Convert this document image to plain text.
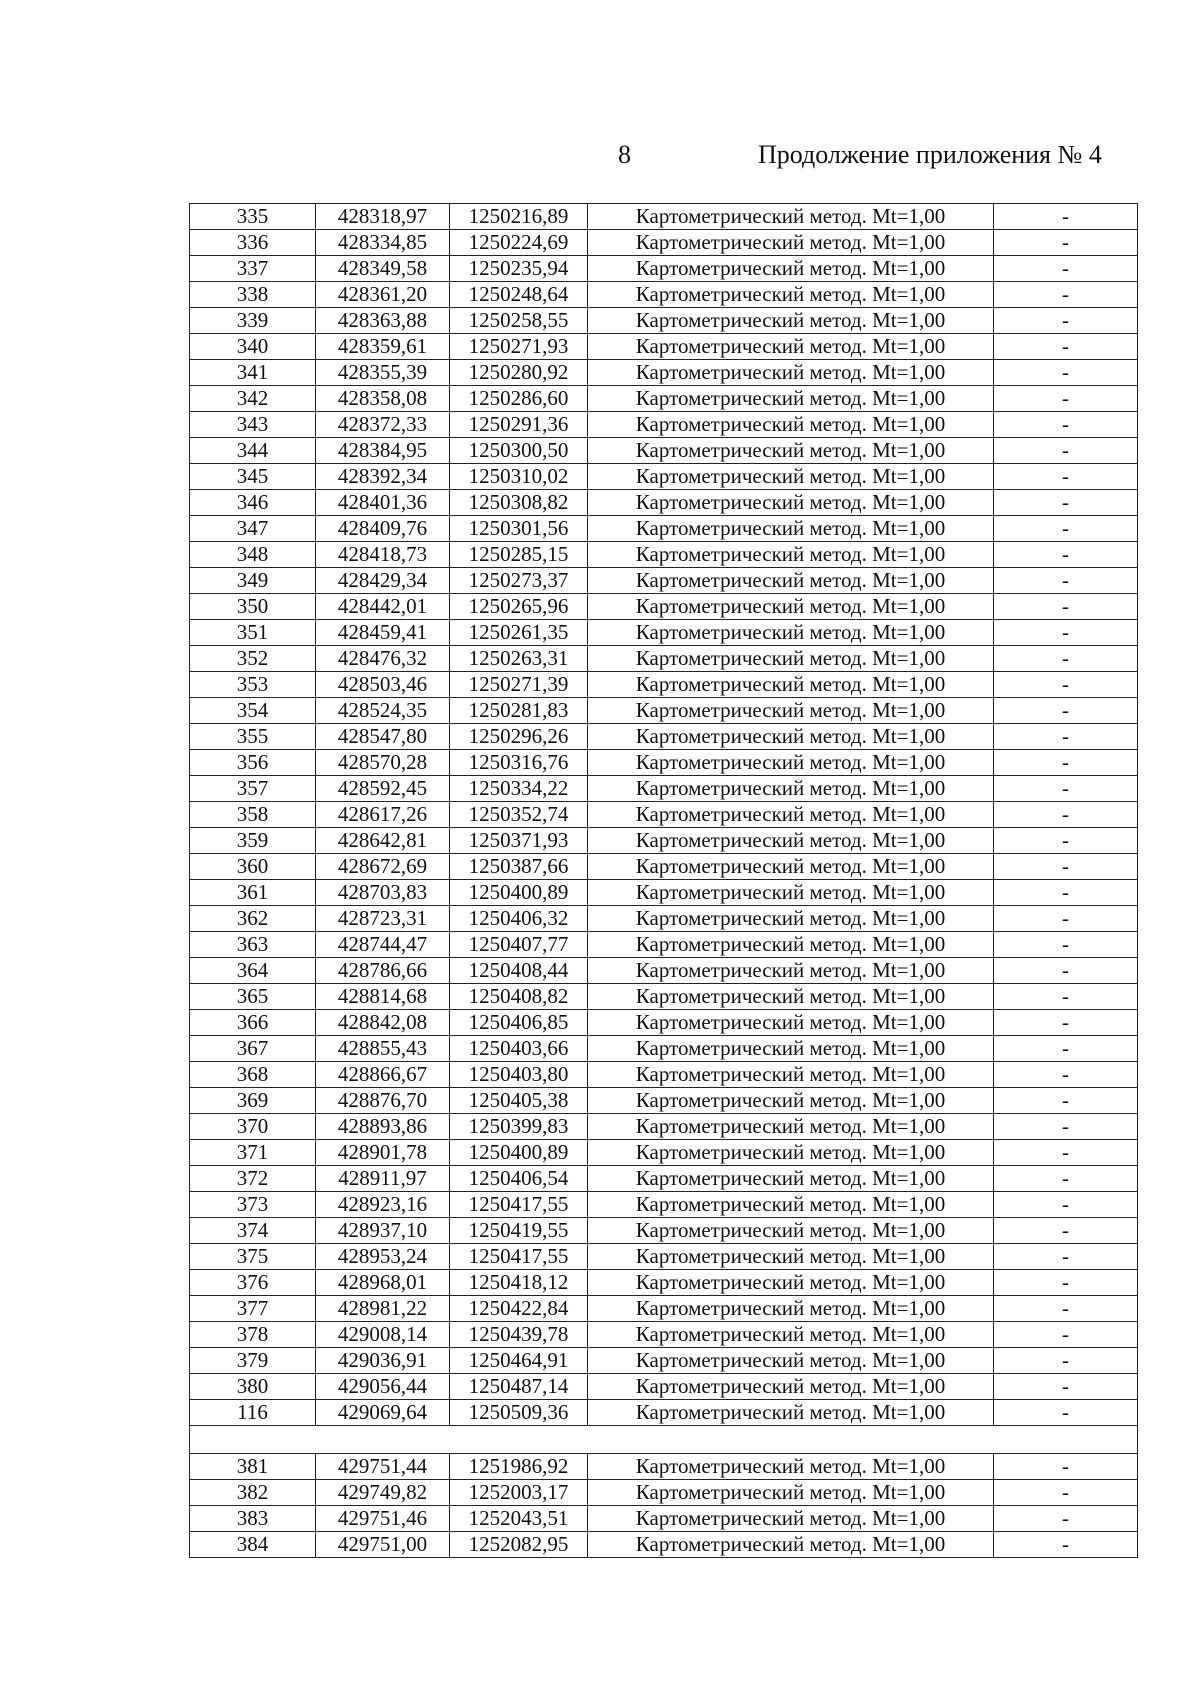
8	Продолжение приложения № 4
335	428318,97	1250216,89	Картометрический метод. Mt=1,00	-
336	428334,85	1250224,69	Картометрический метод. Mt=1,00	-
337	428349,58	1250235,94	Картометрический метод. Mt=1,00	-
338	428361,20	1250248,64	Картометрический метод. Mt=1,00	-
339	428363,88	1250258,55	Картометрический метод. Mt=1,00	-
340	428359,61	1250271,93	Картометрический метод. Mt=1,00	-
341	428355,39	1250280,92	Картометрический метод. Mt=1,00	-
342	428358,08	1250286,60	Картометрический метод. Mt=1,00	-
343	428372,33	1250291,36	Картометрический метод. Mt=1,00	-
344	428384,95	1250300,50	Картометрический метод. Mt=1,00	-
345	428392,34	1250310,02	Картометрический метод. Mt=1,00	-
346	428401,36	1250308,82	Картометрический метод. Mt=1,00	-
347	428409,76	1250301,56	Картометрический метод. Mt=1,00	-
348	428418,73	1250285,15	Картометрический метод. Mt=1,00	-
349	428429,34	1250273,37	Картометрический метод. Mt=1,00	-
350	428442,01	1250265,96	Картометрический метод. Mt=1,00	-
351	428459,41	1250261,35	Картометрический метод. Mt=1,00	-
352	428476,32	1250263,31	Картометрический метод. Mt=1,00	-
353	428503,46	1250271,39	Картометрический метод. Mt=1,00	-
354	428524,35	1250281,83	Картометрический метод. Mt=1,00	-
355	428547,80	1250296,26	Картометрический метод. Mt=1,00	-
356	428570,28	1250316,76	Картометрический метод. Mt=1,00	-
357	428592,45	1250334,22	Картометрический метод. Mt=1,00	-
358	428617,26	1250352,74	Картометрический метод. Mt=1,00	-
359	428642,81	1250371,93	Картометрический метод. Mt=1,00	-
360	428672,69	1250387,66	Картометрический метод. Mt=1,00	-
361	428703,83	1250400,89	Картометрический метод. Mt=1,00	-
362	428723,31	1250406,32	Картометрический метод. Mt=1,00	-
363	428744,47	1250407,77	Картометрический метод. Mt=1,00	-
364	428786,66	1250408,44	Картометрический метод. Mt=1,00	-
365	428814,68	1250408,82	Картометрический метод. Mt=1,00	-
366	428842,08	1250406,85	Картометрический метод. Mt=1,00	-
367	428855,43	1250403,66	Картометрический метод. Mt=1,00	-
368	428866,67	1250403,80	Картометрический метод. Mt=1,00	-
369	428876,70	1250405,38	Картометрический метод. Mt=1,00	-
370	428893,86	1250399,83	Картометрический метод. Mt=1,00	-
371	428901,78	1250400,89	Картометрический метод. Mt=1,00	-
372	428911,97	1250406,54	Картометрический метод. Mt=1,00	-
373	428923,16	1250417,55	Картометрический метод. Mt=1,00	-
374	428937,10	1250419,55	Картометрический метод. Mt=1,00	-
375	428953,24	1250417,55	Картометрический метод. Mt=1,00	-
376	428968,01	1250418,12	Картометрический метод. Mt=1,00	-
377	428981,22	1250422,84	Картометрический метод. Mt=1,00	-
378	429008,14	1250439,78	Картометрический метод. Mt=1,00	-
379	429036,91	1250464,91	Картометрический метод. Mt=1,00	-
380	429056,44	1250487,14	Картометрический метод. Mt=1,00	-
116	429069,64	1250509,36	Картометрический метод. Mt=1,00	-

381	429751,44	1251986,92	Картометрический метод. Mt=1,00	-
382	429749,82	1252003,17	Картометрический метод. Mt=1,00	-
383	429751,46	1252043,51	Картометрический метод. Mt=1,00	-
384	429751,00	1252082,95	Картометрический метод. Mt=1,00	-
